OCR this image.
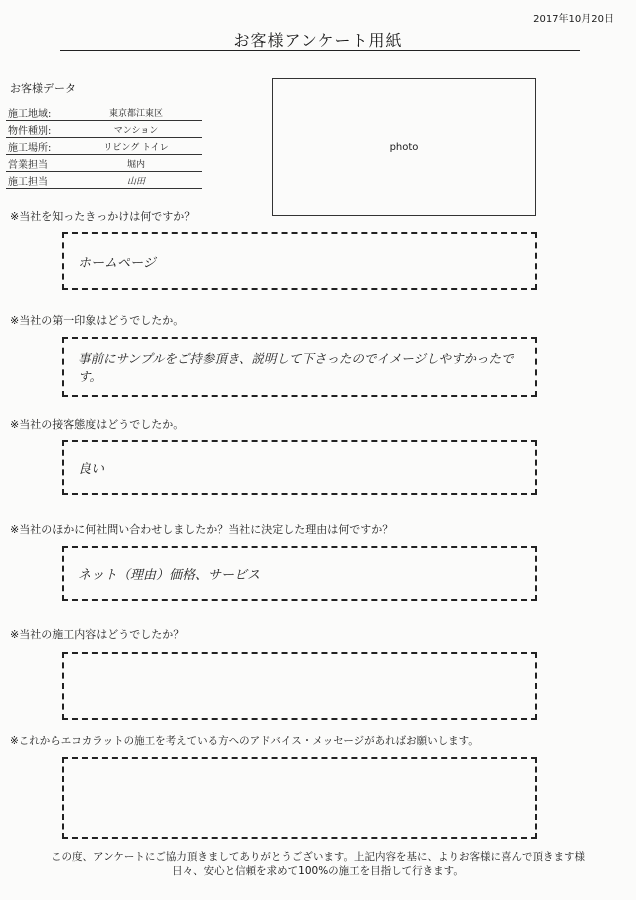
2017年10月20日
お客様アンケート用紙
お客様データ
施工地域:	東京都江東区
物件種別:	マンション
施工場所:	リビング トイレ
営業担当	堀内
施工担当	山田
photo
※当社を知ったきっかけは何ですか？
ホームページ
※当社の第一印象はどうでしたか。
事前にサンプルをご持参頂き、説明して下さったのでイメージしやすかったです。
※当社の接客態度はどうでしたか。
良い
※当社のほかに何社問い合わせしましたか？当社に決定した理由は何ですか？
ネット（理由）価格、サービス
※当社の施工内容はどうでしたか？
※これからエコカラットの施工を考えている方へのアドバイス・メッセージがあればお願いします。
この度、アンケートにご協力頂きましてありがとうございます。上記内容を基に、よりお客様に喜んで頂きます様
日々、安心と信頼を求めて100%の施工を目指して行きます。
